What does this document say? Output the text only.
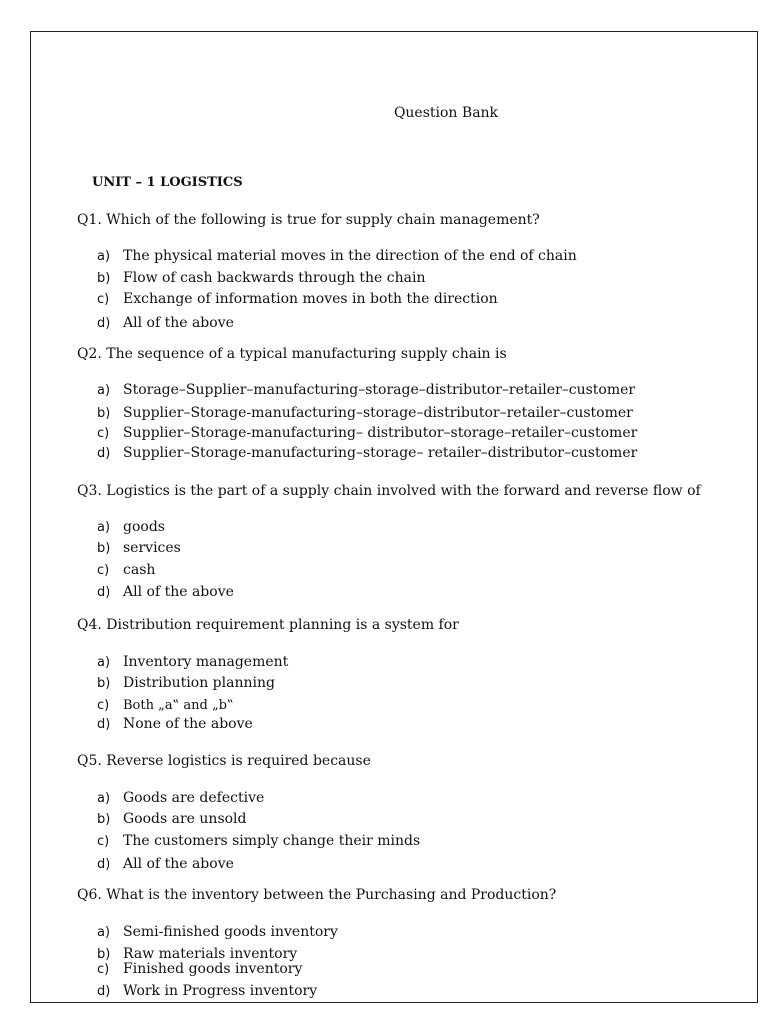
Question Bank
UNIT – 1 LOGISTICS
Q1. Which of the following is true for supply chain management?
a) The physical material moves in the direction of the end of chain
b) Flow of cash backwards through the chain
c) Exchange of information moves in both the direction
d) All of the above
Q2. The sequence of a typical manufacturing supply chain is
a) Storage–Supplier–manufacturing–storage–distributor–retailer–customer
b) Supplier–Storage-manufacturing–storage–distributor–retailer–customer
c) Supplier–Storage-manufacturing– distributor–storage–retailer–customer
d) Supplier–Storage-manufacturing–storage– retailer–distributor–customer
Q3. Logistics is the part of a supply chain involved with the forward and reverse flow of
a) goods
b) services
c) cash
d) All of the above
Q4. Distribution requirement planning is a system for
a) Inventory management
b) Distribution planning
c) Both „a‟ and „b‟
d) None of the above
Q5. Reverse logistics is required because
a) Goods are defective
b) Goods are unsold
c) The customers simply change their minds
d) All of the above
Q6. What is the inventory between the Purchasing and Production?
a) Semi-finished goods inventory
b) Raw materials inventory
c) Finished goods inventory
d) Work in Progress inventory
